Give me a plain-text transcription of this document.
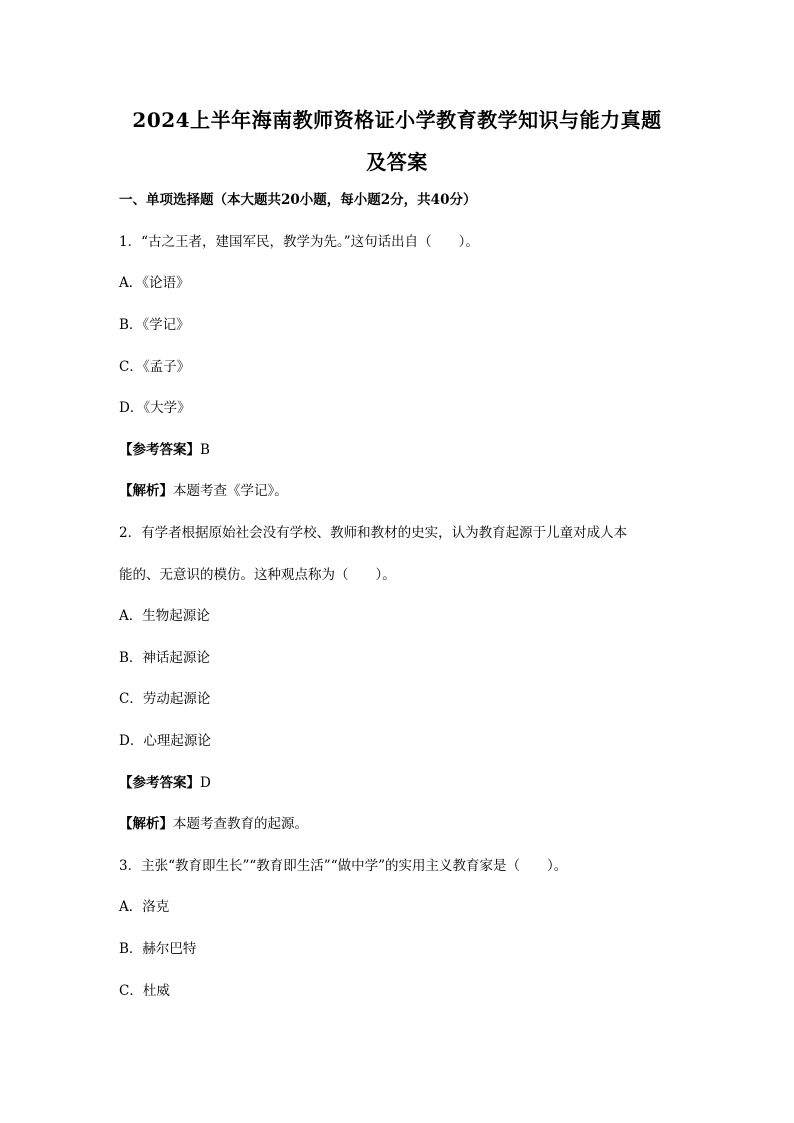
2024上半年海南教师资格证小学教育教学知识与能力真题
及答案
一、单项选择题（本大题共20小题，每小题2分，共40分）
1．“古之王者，建国军民，教学为先。”这句话出自（　　）。
A．《论语》
B．《学记》
C．《孟子》
D．《大学》
【参考答案】B
【解析】本题考查《学记》。
2．有学者根据原始社会没有学校、教师和教材的史实，认为教育起源于儿童对成人本
能的、无意识的模仿。这种观点称为（　　）。
A．生物起源论
B．神话起源论
C．劳动起源论
D．心理起源论
【参考答案】D
【解析】本题考查教育的起源。
3．主张“教育即生长”“教育即生活”“做中学”的实用主义教育家是（　　）。
A．洛克
B．赫尔巴特
C．杜威
